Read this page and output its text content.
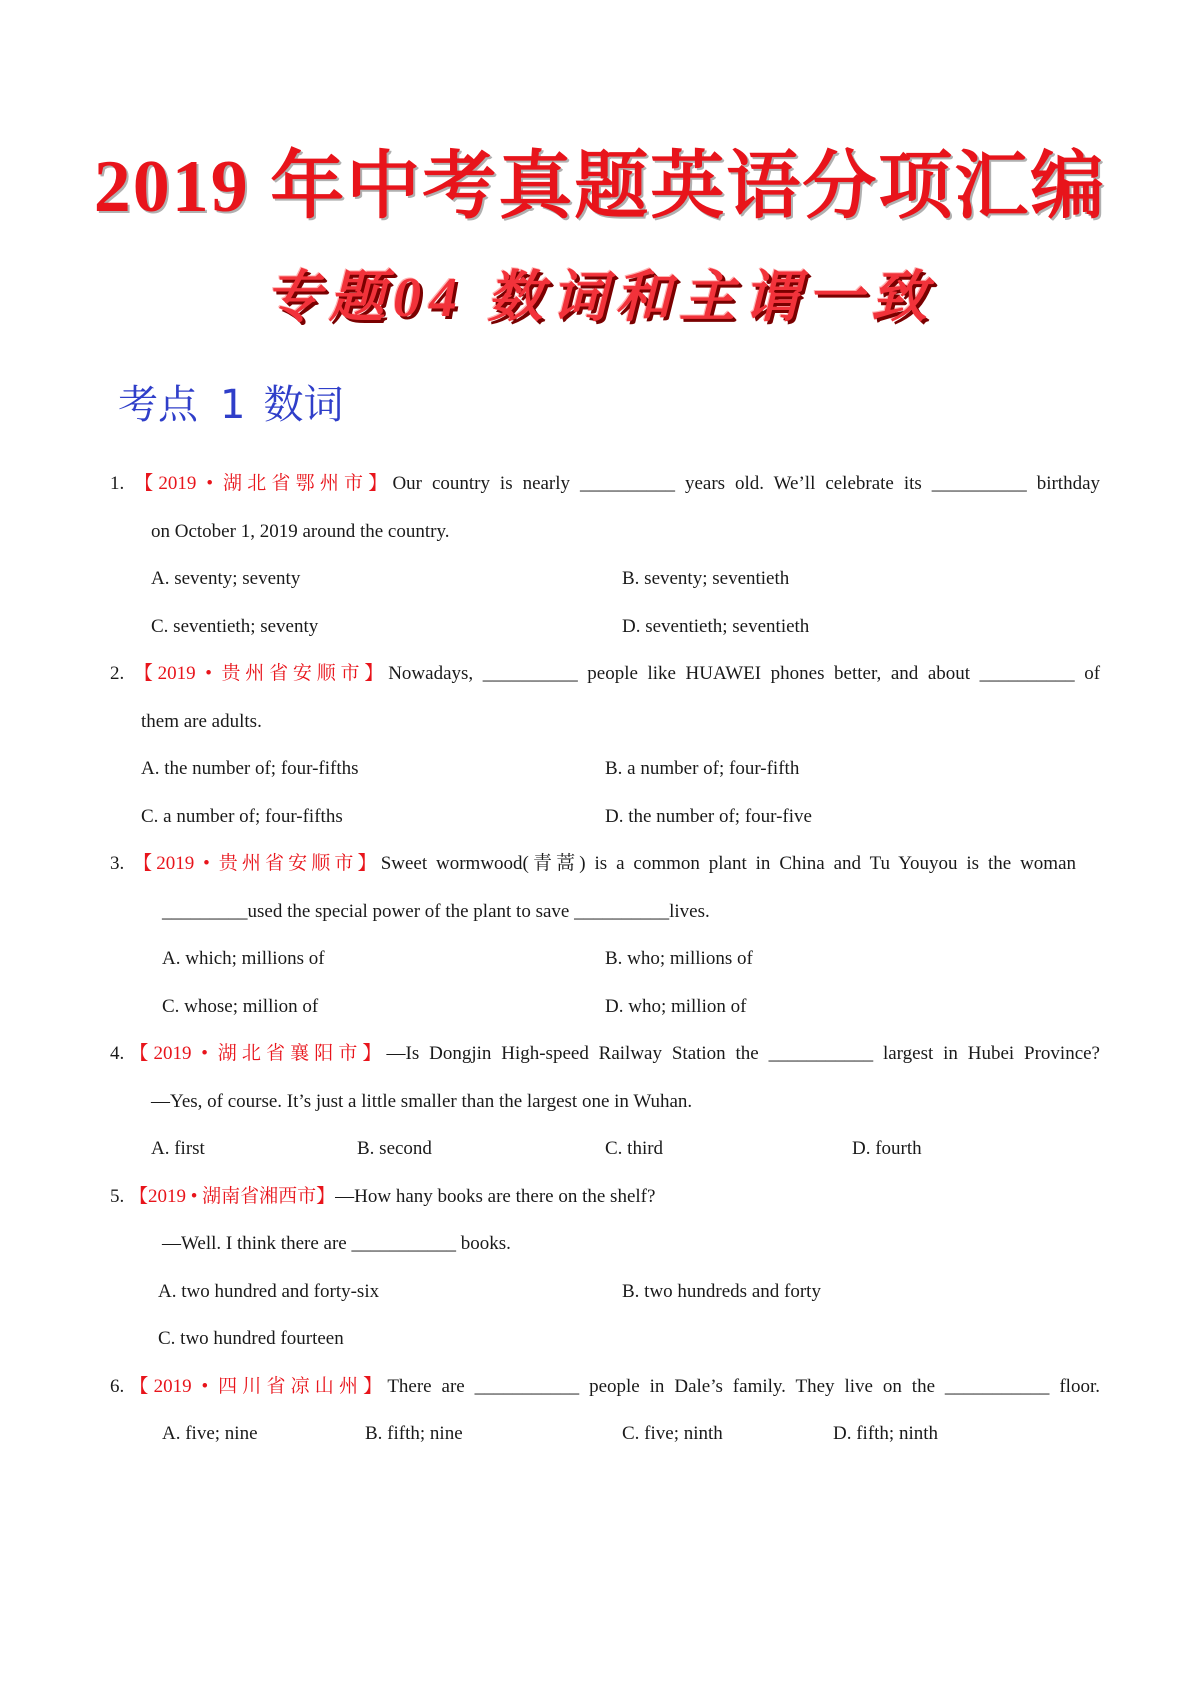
2019 年中考真题英语分项汇编
专题04 数词和主谓一致
考点 1 数词
1. 【2019 • 湖北省鄂州市】Our country is nearly __________ years old. We’ll celebrate its __________ birthday
on October 1, 2019 around the country.
A. seventy; seventy	B. seventy; seventieth
C. seventieth; seventy	D. seventieth; seventieth
2. 【2019 • 贵州省安顺市】Nowadays, __________ people like HUAWEI phones better, and about __________ of
them are adults.
A. the number of; four-fifths	B. a number of; four-fifth
C. a number of; four-fifths	D. the number of; four-five
3. 【2019 • 贵州省安顺市】Sweet wormwood(青蒿) is a common plant in China and Tu Youyou is the woman
_________used the special power of the plant to save __________lives.
A. which; millions of	B. who; millions of
C. whose; million of	D. who; million of
4.【2019 • 湖北省襄阳市】—Is Dongjin High-speed Railway Station the ___________ largest in Hubei Province?
—Yes, of course. It’s just a little smaller than the largest one in Wuhan.
A. first	B. second	C. third	D. fourth
5. 【2019 • 湖南省湘西市】—How hany books are there on the shelf?
—Well. I think there are ___________ books.
A. two hundred and forty-six	B. two hundreds and forty
C. two hundred fourteen
6.【2019 • 四川省凉山州】There are ___________ people in Dale’s family. They live on the ___________ floor.
A. five; nine	B. fifth; nine	C. five; ninth	D. fifth; ninth
